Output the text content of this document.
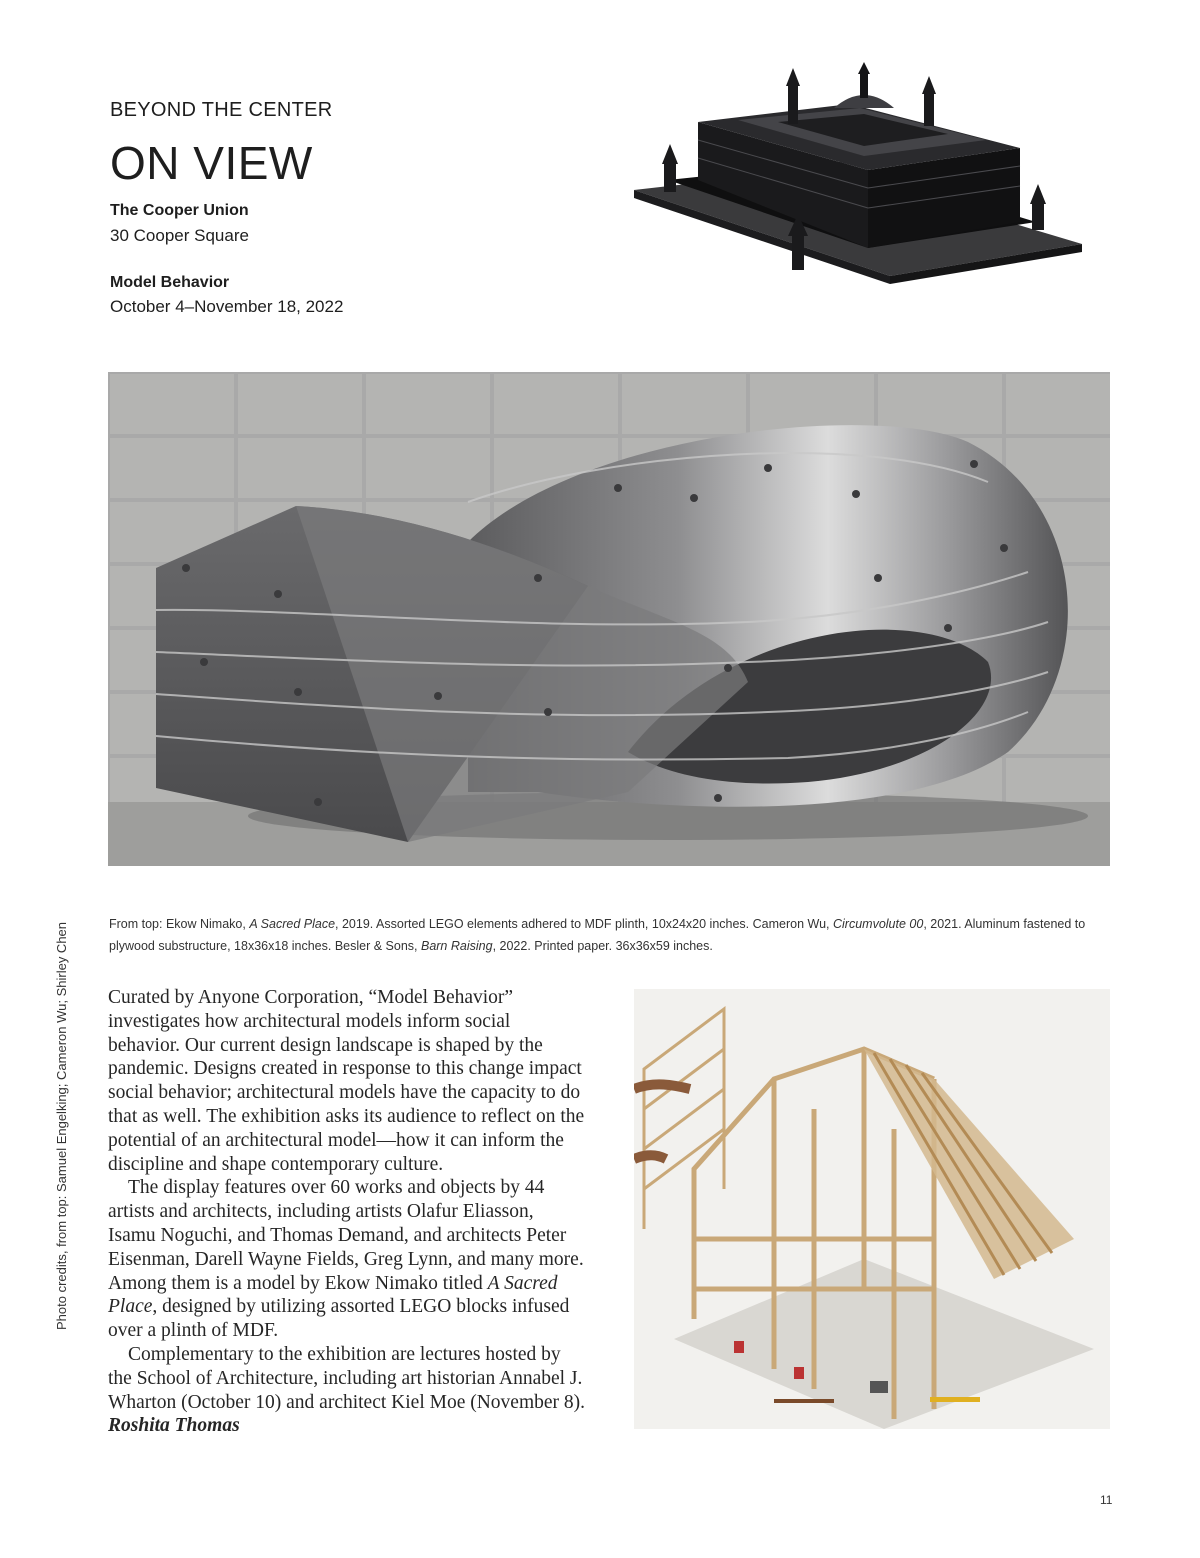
BEYOND THE CENTER
ON VIEW
The Cooper Union
30 Cooper Square
Model Behavior
October 4–November 18, 2022

From top: Ekow Nimako, A Sacred Place, 2019. Assorted LEGO elements adhered to MDF plinth, 10x24x20 inches. Cameron Wu, Circumvolute 00, 2021. Aluminum fastened to plywood substructure, 18x36x18 inches. Besler & Sons, Barn Raising, 2022. Printed paper. 36x36x59 inches.

Curated by Anyone Corporation, “Model Behavior” investigates how architectural models inform social behavior. Our current design landscape is shaped by the pandemic. Designs created in response to this change impact social behavior; architectural models have the capacity to do that as well. The exhibition asks its audience to reflect on the potential of an architectural model—how it can inform the discipline and shape contemporary culture.

The display features over 60 works and objects by 44 artists and architects, including artists Olafur Eliasson, Isamu Noguchi, and Thomas Demand, and architects Peter Eisenman, Darell Wayne Fields, Greg Lynn, and many more. Among them is a model by Ekow Nimako titled A Sacred Place, designed by utilizing assorted LEGO blocks infused over a plinth of MDF.

Complementary to the exhibition are lectures hosted by the School of Architecture, including art historian Annabel J. Wharton (October 10) and architect Kiel Moe (November 8). Roshita Thomas

Photo credits, from top: Samuel Engelking; Cameron Wu; Shirley Chen
11
